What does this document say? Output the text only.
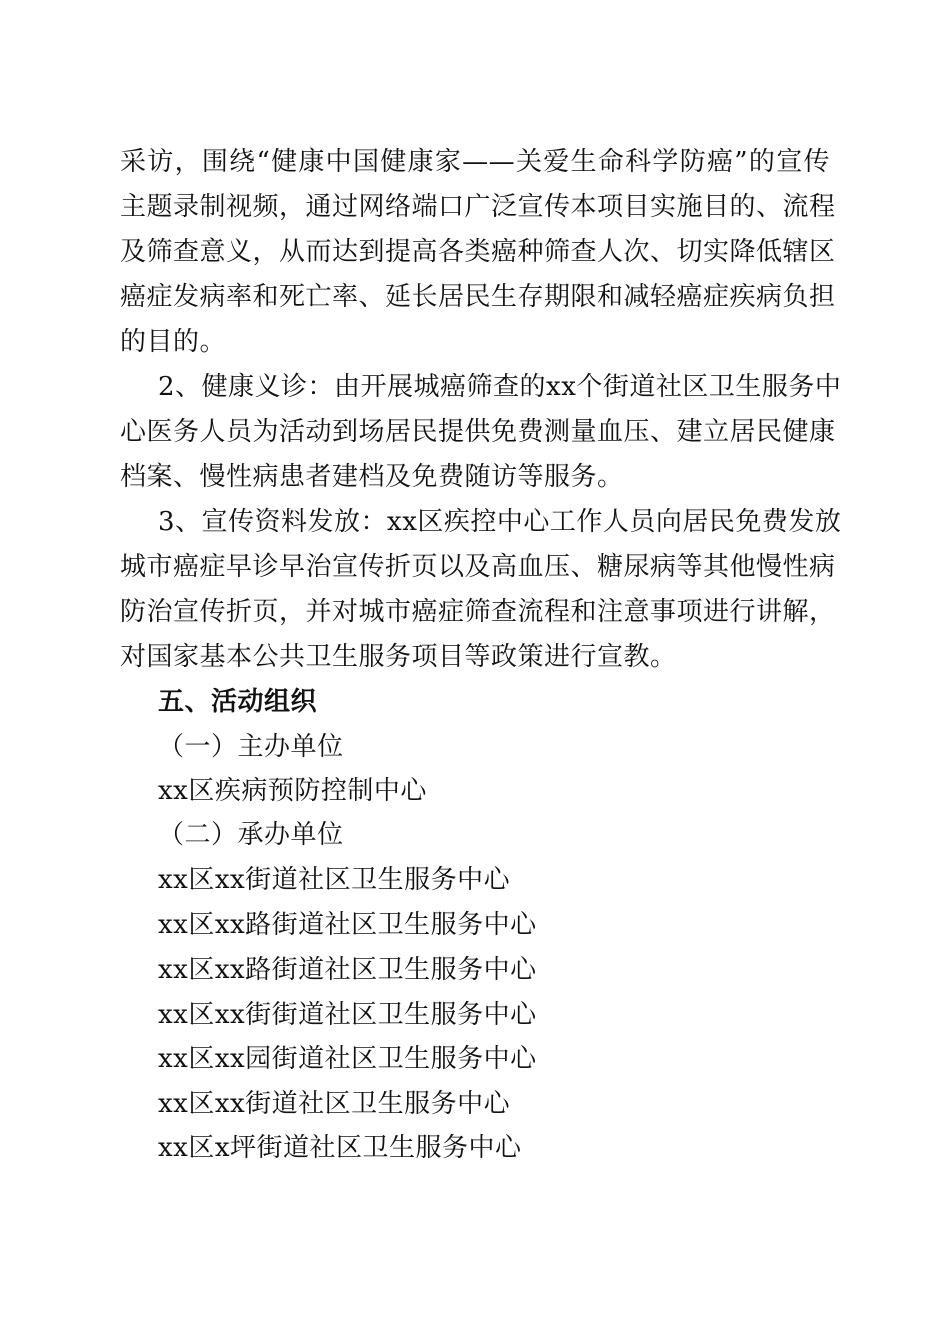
采访，围绕“健康中国健康家——关爱生命科学防癌”的宣传
主题录制视频，通过网络端口广泛宣传本项目实施目的、流程
及筛查意义，从而达到提高各类癌种筛查人次、切实降低辖区
癌症发病率和死亡率、延长居民生存期限和减轻癌症疾病负担
的目的。
2、健康义诊：由开展城癌筛查的xx个街道社区卫生服务中
心医务人员为活动到场居民提供免费测量血压、建立居民健康
档案、慢性病患者建档及免费随访等服务。
3、宣传资料发放：xx区疾控中心工作人员向居民免费发放
城市癌症早诊早治宣传折页以及高血压、糖尿病等其他慢性病
防治宣传折页，并对城市癌症筛查流程和注意事项进行讲解，
对国家基本公共卫生服务项目等政策进行宣教。
五、活动组织
（一）主办单位
xx区疾病预防控制中心
（二）承办单位
xx区xx街道社区卫生服务中心
xx区xx路街道社区卫生服务中心
xx区xx路街道社区卫生服务中心
xx区xx街街道社区卫生服务中心
xx区xx园街道社区卫生服务中心
xx区xx街道社区卫生服务中心
xx区x坪街道社区卫生服务中心
